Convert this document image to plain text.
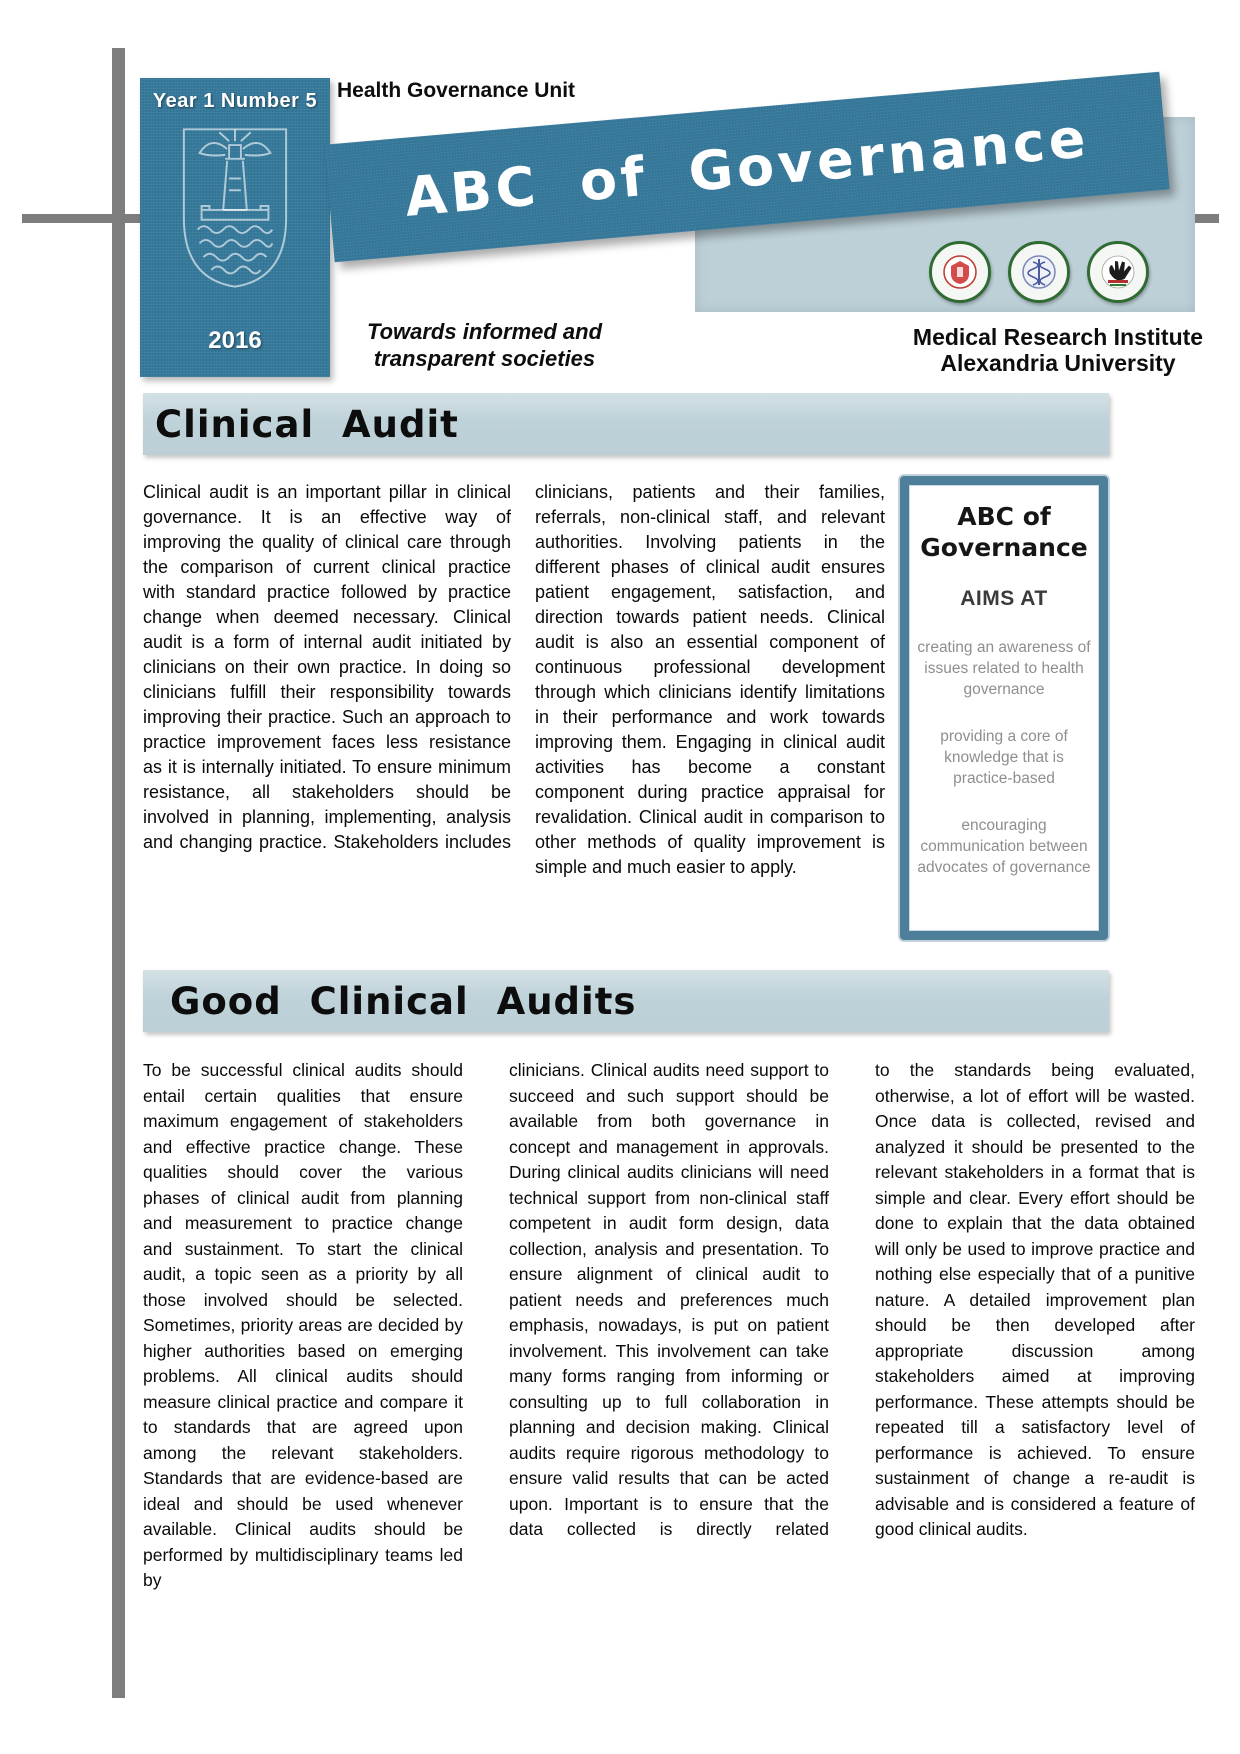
Year 1 Number 5
2016
Health Governance Unit
ABC of Governance
Towards informed and
transparent societies
Medical Research Institute
Alexandria University
Clinical Audit
Clinical audit is an important pillar in clinical governance. It is an effective way of improving the quality of clinical care through the comparison of current clinical practice with standard practice followed by practice change when deemed necessary. Clinical audit is a form of internal audit initiated by clinicians on their own practice. In doing so clinicians fulfill their responsibility towards improving their practice. Such an approach to practice improvement faces less resistance as it is internally initiated. To ensure minimum resistance, all stakeholders should be involved in planning, implementing, analysis and changing practice. Stakeholders includes
clinicians, patients and their families, referrals, non-clinical staff, and relevant authorities. Involving patients in the different phases of clinical audit ensures patient engagement, satisfaction, and direction towards patient needs. Clinical audit is also an essential component of continuous professional development through which clinicians identify limitations in their performance and work towards improving them. Engaging in clinical audit activities has become a constant component during practice appraisal for revalidation. Clinical audit in comparison to other methods of quality improvement is simple and much easier to apply.
ABC of
Governance
AIMS AT

creating an awareness of issues related to health governance

providing a core of knowledge that is practice-based

encouraging communication between advocates of governance

Good Clinical Audits
To be successful clinical audits should entail certain qualities that ensure maximum engagement of stakeholders and effective practice change. These qualities should cover the various phases of clinical audit from planning and measurement to practice change and sustainment. To start the clinical audit, a topic seen as a priority by all those involved should be selected. Sometimes, priority areas are decided by higher authorities based on emerging problems. All clinical audits should measure clinical practice and compare it to standards that are agreed upon among the relevant stakeholders. Standards that are evidence-based are ideal and should be used whenever available. Clinical audits should be performed by multidisciplinary teams led by
clinicians. Clinical audits need support to succeed and such support should be available from both governance in concept and management in approvals. During clinical audits clinicians will need technical support from non-clinical staff competent in audit form design, data collection, analysis and presentation. To ensure alignment of clinical audit to patient needs and preferences much emphasis, nowadays, is put on patient involvement. This involvement can take many forms ranging from informing or consulting up to full collaboration in planning and decision making. Clinical audits require rigorous methodology to ensure valid results that can be acted upon. Important is to ensure that the data collected is directly related
to the standards being evaluated, otherwise, a lot of effort will be wasted. Once data is collected, revised and analyzed it should be presented to the relevant stakeholders in a format that is simple and clear. Every effort should be done to explain that the data obtained will only be used to improve practice and nothing else especially that of a punitive nature. A detailed improvement plan should be then developed after appropriate discussion among stakeholders aimed at improving performance. These attempts should be repeated till a satisfactory level of performance is achieved. To ensure sustainment of change a re-audit is advisable and is considered a feature of good clinical audits.
